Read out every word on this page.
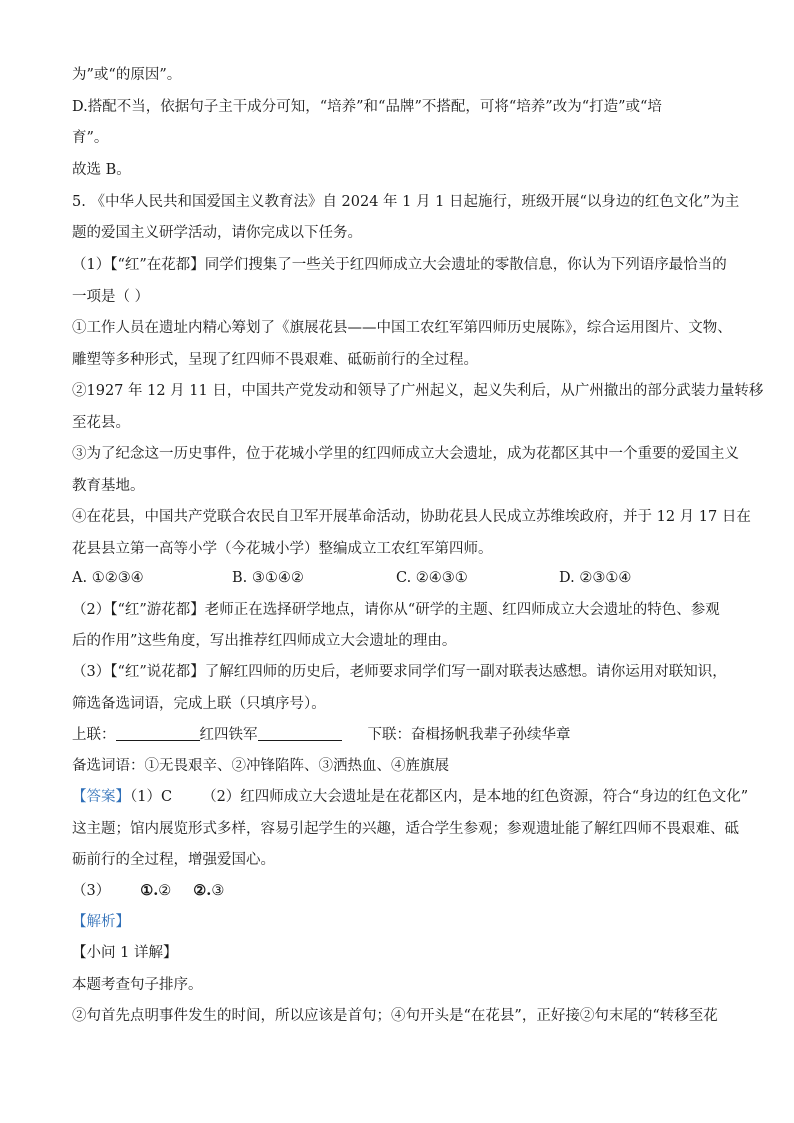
为”或“的原因”。
D.搭配不当，依据句子主干成分可知，“培养”和“品牌”不搭配，可将“培养”改为“打造”或“培
育”。
故选 B。
5. 《中华人民共和国爱国主义教育法》自 2024 年 1 月 1 日起施行，班级开展“以身边的红色文化”为主
题的爱国主义研学活动，请你完成以下任务。
（1）【“红”在花都】同学们搜集了一些关于红四师成立大会遗址的零散信息，你认为下列语序最恰当的
一项是（ ）
①工作人员在遗址内精心筹划了《旗展花县——中国工农红军第四师历史展陈》，综合运用图片、文物、
雕塑等多种形式，呈现了红四师不畏艰难、砥砺前行的全过程。
②1927 年 12 月 11 日，中国共产党发动和领导了广州起义，起义失利后，从广州撤出的部分武装力量转移
至花县。
③为了纪念这一历史事件，位于花城小学里的红四师成立大会遗址，成为花都区其中一个重要的爱国主义
教育基地。
④在花县，中国共产党联合农民自卫军开展革命活动，协助花县人民成立苏维埃政府，并于 12 月 17 日在
花县县立第一高等小学（今花城小学）整编成立工农红军第四师。
A. ①②③④	B. ③①④②	C. ②④③①	D. ②③①④
（2）【“红”游花都】老师正在选择研学地点，请你从“研学的主题、红四师成立大会遗址的特色、参观
后的作用”这些角度，写出推荐红四师成立大会遗址的理由。
（3）【“红”说花都】了解红四师的历史后，老师要求同学们写一副对联表达感想。请你运用对联知识，
筛选备选词语，完成上联（只填序号）。
上联：	红四铁军	下联：奋楫扬帆我辈子孙续华章
备选词语：①无畏艰辛、②冲锋陷阵、③洒热血、④旌旗展
【答案】（1）C （2）红四师成立大会遗址是在花都区内，是本地的红色资源，符合“身边的红色文化”
这主题；馆内展览形式多样，容易引起学生的兴趣，适合学生参观；参观遗址能了解红四师不畏艰难、砥
砺前行的全过程，增强爱国心。
（3） ①.② ②.③
【解析】
【小问 1 详解】
本题考查句子排序。
②句首先点明事件发生的时间，所以应该是首句；④句开头是“在花县”，正好接②句末尾的“转移至花
